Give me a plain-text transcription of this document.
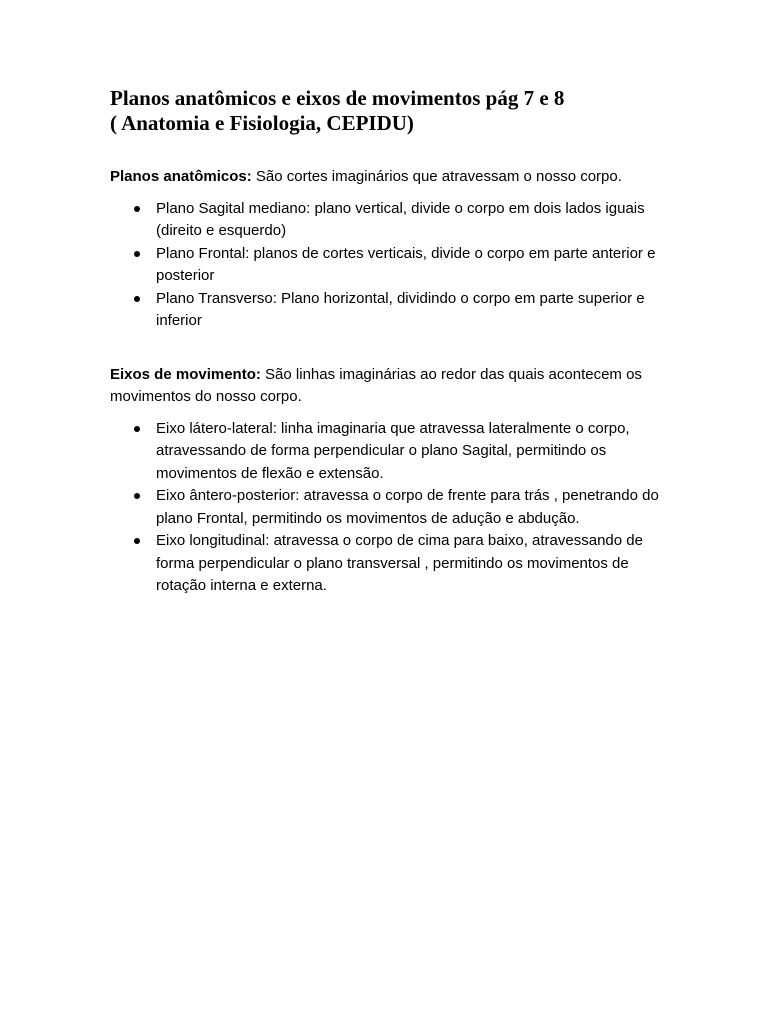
Planos anatômicos e eixos de movimentos pág 7 e 8
( Anatomia e Fisiologia, CEPIDU)

Planos anatômicos: São cortes imaginários que atravessam o nosso corpo.

Plano Sagital mediano: plano vertical, divide o corpo em dois lados iguais (direito e esquerdo)
Plano Frontal: planos de cortes verticais, divide o corpo em parte anterior e posterior
Plano Transverso: Plano horizontal, dividindo o corpo em parte superior e inferior

Eixos de movimento: São linhas imaginárias ao redor das quais acontecem os movimentos do nosso corpo.

Eixo látero-lateral: linha imaginaria que atravessa lateralmente o corpo, atravessando de forma perpendicular o plano Sagital, permitindo os movimentos de flexão e extensão.
Eixo ântero-posterior: atravessa o corpo de frente para trás , penetrando do plano Frontal, permitindo os movimentos de adução e abdução.
Eixo longitudinal: atravessa o corpo de cima para baixo, atravessando de forma perpendicular o plano transversal , permitindo os movimentos de rotação interna e externa.
